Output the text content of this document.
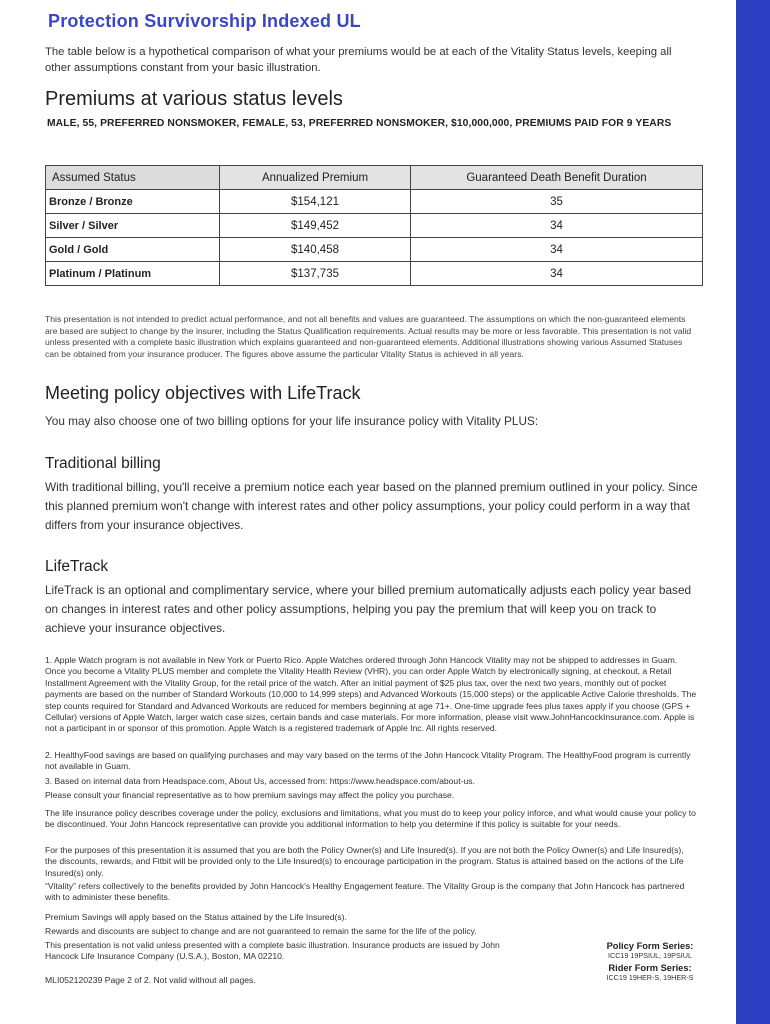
Protection Survivorship Indexed UL
The table below is a hypothetical comparison of what your premiums would be at each of the Vitality Status levels, keeping all other assumptions constant from your basic illustration.
Premiums at various status levels
MALE, 55, PREFERRED NONSMOKER, FEMALE, 53, PREFERRED NONSMOKER, $10,000,000, PREMIUMS PAID FOR 9 YEARS
Assumed Status	Annualized Premium	Guaranteed Death Benefit Duration
Bronze / Bronze	$154,121	35
Silver / Silver	$149,452	34
Gold / Gold	$140,458	34
Platinum / Platinum	$137,735	34
This presentation is not intended to predict actual performance, and not all benefits and values are guaranteed. The assumptions on which the non-guaranteed elements are based are subject to change by the insurer, including the Status Qualification requirements. Actual results may be more or less favorable. This presentation is not valid unless presented with a complete basic illustration which explains guaranteed and non-guaranteed elements. Additional illustrations showing various Assumed Statuses can be obtained from your insurance producer. The figures above assume the particular Vitality Status is achieved in all years.
Meeting policy objectives with LifeTrack
You may also choose one of two billing options for your life insurance policy with Vitality PLUS:
Traditional billing
With traditional billing, you'll receive a premium notice each year based on the planned premium outlined in your policy. Since this planned premium won't change with interest rates and other policy assumptions, your policy could perform in a way that differs from your insurance objectives.
LifeTrack
LifeTrack is an optional and complimentary service, where your billed premium automatically adjusts each policy year based on changes in interest rates and other policy assumptions, helping you pay the premium that will keep you on track to achieve your insurance objectives.
1. Apple Watch program is not available in New York or Puerto Rico. Apple Watches ordered through John Hancock Vitality may not be shipped to addresses in Guam. Once you become a Vitality PLUS member and complete the Vitality Health Review (VHR), you can order Apple Watch by electronically signing, at checkout, a Retail Installment Agreement with the Vitality Group, for the retail price of the watch. After an initial payment of $25 plus tax, over the next two years, monthly out of pocket payments are based on the number of Standard Workouts (10,000 to 14,999 steps) and Advanced Workouts (15,000 steps) or the applicable Active Calorie thresholds. The step counts required for Standard and Advanced Workouts are reduced for members beginning at age 71+. One-time upgrade fees plus taxes apply if you choose (GPS + Cellular) versions of Apple Watch, larger watch case sizes, certain bands and case materials. For more information, please visit www.JohnHancockInsurance.com. Apple is not a participant in or sponsor of this promotion. Apple Watch is a registered trademark of Apple Inc. All rights reserved.
2. HealthyFood savings are based on qualifying purchases and may vary based on the terms of the John Hancock Vitality Program. The HealthyFood program is currently not available in Guam.
3. Based on internal data from Headspace.com, About Us, accessed from: https://www.headspace.com/about-us.
Please consult your financial representative as to how premium savings may affect the policy you purchase.
The life insurance policy describes coverage under the policy, exclusions and limitations, what you must do to keep your policy inforce, and what would cause your policy to be discontinued. Your John Hancock representative can provide you additional information to help you determine if this policy is suitable for your needs.
For the purposes of this presentation it is assumed that you are both the Policy Owner(s) and Life Insured(s). If you are not both the Policy Owner(s) and Life Insured(s), the discounts, rewards, and Fitbit will be provided only to the Life Insured(s) to encourage participation in the program. Status is attained based on the actions of the Life Insured(s) only.
“Vitality” refers collectively to the benefits provided by John Hancock's Healthy Engagement feature. The Vitality Group is the company that John Hancock has partnered with to administer these benefits.
Premium Savings will apply based on the Status attained by the Life Insured(s).
Rewards and discounts are subject to change and are not guaranteed to remain the same for the life of the policy.
This presentation is not valid unless presented with a complete basic illustration. Insurance products are issued by John Hancock Life Insurance Company (U.S.A.), Boston, MA 02210.
MLI052120239 Page 2 of 2. Not valid without all pages.
Policy Form Series:
ICC19 19PSIUL, 19PSIUL
Rider Form Series:
ICC19 19HER-S, 19HER-S
